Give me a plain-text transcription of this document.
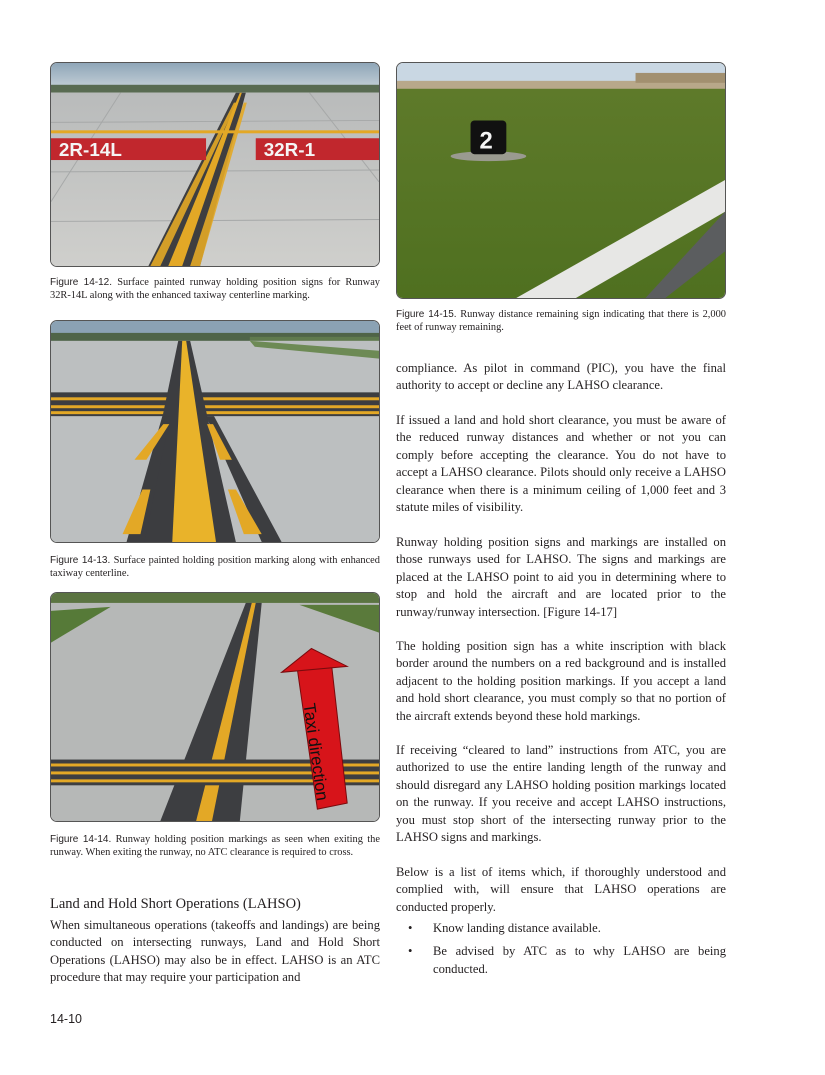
2R-14L	32R-1
Figure 14-12. Surface painted runway holding position signs for Runway 32R-14L along with the enhanced taxiway centerline marking.
Figure 14-13. Surface painted holding position marking along with enhanced taxiway centerline.
Taxi direction
Figure 14-14. Runway holding position markings as seen when exiting the runway. When exiting the runway, no ATC clearance is required to cross.
2
Figure 14-15. Runway distance remaining sign indicating that there is 2,000 feet of runway remaining.
Land and Hold Short Operations (LAHSO)

When simultaneous operations (takeoffs and landings) are being conducted on intersecting runways, Land and Hold Short Operations (LAHSO) may also be in effect. LAHSO is an ATC procedure that may require your participation and

compliance. As pilot in command (PIC), you have the final authority to accept or decline any LAHSO clearance.

If issued a land and hold short clearance, you must be aware of the reduced runway distances and whether or not you can comply before accepting the clearance. You do not have to accept a LAHSO clearance. Pilots should only receive a LAHSO clearance when there is a minimum ceiling of 1,000 feet and 3 statute miles of visibility.

Runway holding position signs and markings are installed on those runways used for LAHSO. The signs and markings are placed at the LAHSO point to aid you in determining where to stop and hold the aircraft and are located prior to the runway/runway intersection. [Figure 14-17]

The holding position sign has a white inscription with black border around the numbers on a red background and is installed adjacent to the holding position markings. If you accept a land and hold short clearance, you must comply so that no portion of the aircraft extends beyond these hold markings.

If receiving “cleared to land” instructions from ATC, you are authorized to use the entire landing length of the runway and should disregard any LAHSO holding position markings located on the runway. If you receive and accept LAHSO instructions, you must stop short of the intersecting runway prior to the LAHSO signs and markings.

Below is a list of items which, if thoroughly understood and complied with, will ensure that LAHSO operations are conducted properly.

• Know landing distance available.
• Be advised by ATC as to why LAHSO are being conducted.
14-10
